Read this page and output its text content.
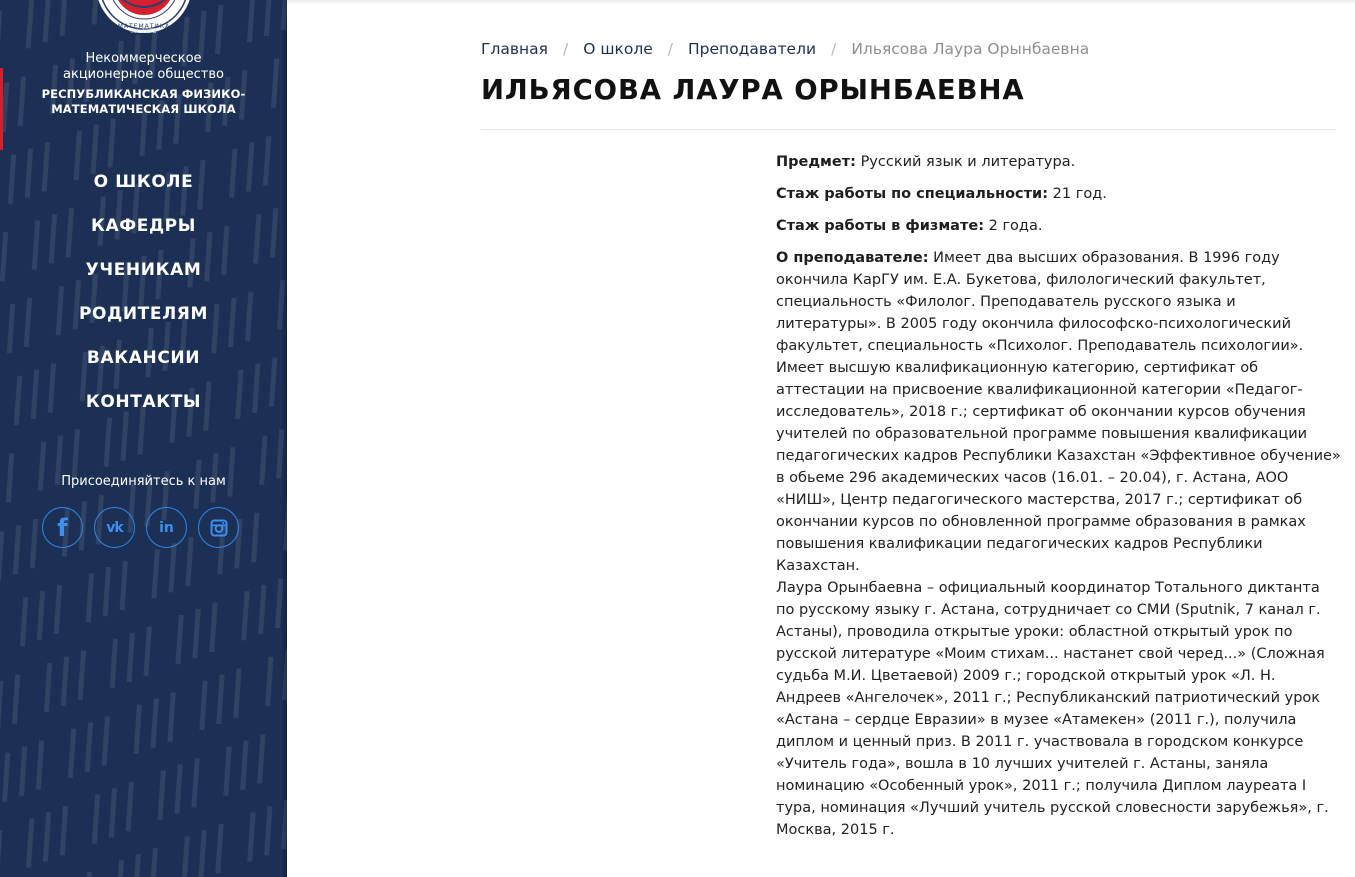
МАТЕМАТИКА
est 1972
Некоммерческое
акционерное общество
РЕСПУБЛИКАНСКАЯ ФИЗИКО-
МАТЕМАТИЧЕСКАЯ ШКОЛА
О ШКОЛЕ
КАФЕДРЫ
УЧЕНИКАМ
РОДИТЕЛЯМ
ВАКАНСИИ
КОНТАКТЫ
Присоединяйтесь к нам
f	vk	in
Главная / О школе / Преподаватели / Ильясова Лаура Орынбаевна
ИЛЬЯСОВА ЛАУРА ОРЫНБАЕВНА
Предмет: Русский язык и литература.
Стаж работы по специальности: 21 год.
Стаж работы в физмате: 2 года.

О преподавателе: Имеет два высших образования. В 1996 году окончила КарГУ им. Е.А. Букетова, филологический факультет, специальность «Филолог. Преподаватель русского языка и литературы». В 2005 году окончила философско-психологический факультет, специальность «Психолог. Преподаватель психологии». Имеет высшую квалификационную категорию, сертификат об аттестации на присвоение квалификационной категории «Педагог-исследователь», 2018 г.; сертификат об окончании курсов обучения учителей по образовательной программе повышения квалификации педагогических кадров Республики Казахстан «Эффективное обучение» в обьеме 296 академических часов (16.01. – 20.04), г. Астана, АОО «НИШ», Центр педагогического мастерства, 2017 г.; сертификат об окончании курсов по обновленной программе образования в рамках повышения квалификации педагогических кадров Республики Казахстан.

Лаура Орынбаевна – официальный координатор Тотального диктанта по русскому языку г. Астана, сотрудничает со СМИ (Sputnik, 7 канал г. Астаны), проводила открытые уроки: областной открытый урок по русской литературе «Моим стихам... настанет свой черед...» (Сложная судьба М.И. Цветаевой) 2009 г.; городской открытый урок «Л. Н. Андреев «Ангелочек», 2011 г.; Республиканский патриотический урок «Астана – сердце Евразии» в музее «Атамекен» (2011 г.), получила диплом и ценный приз. В 2011 г. участвовала в городском конкурсе «Учитель года», вошла в 10 лучших учителей г. Астаны, заняла номинацию «Особенный урок», 2011 г.; получила Диплом лауреата I тура, номинация «Лучший учитель русской словесности зарубежья», г. Москва, 2015 г.
